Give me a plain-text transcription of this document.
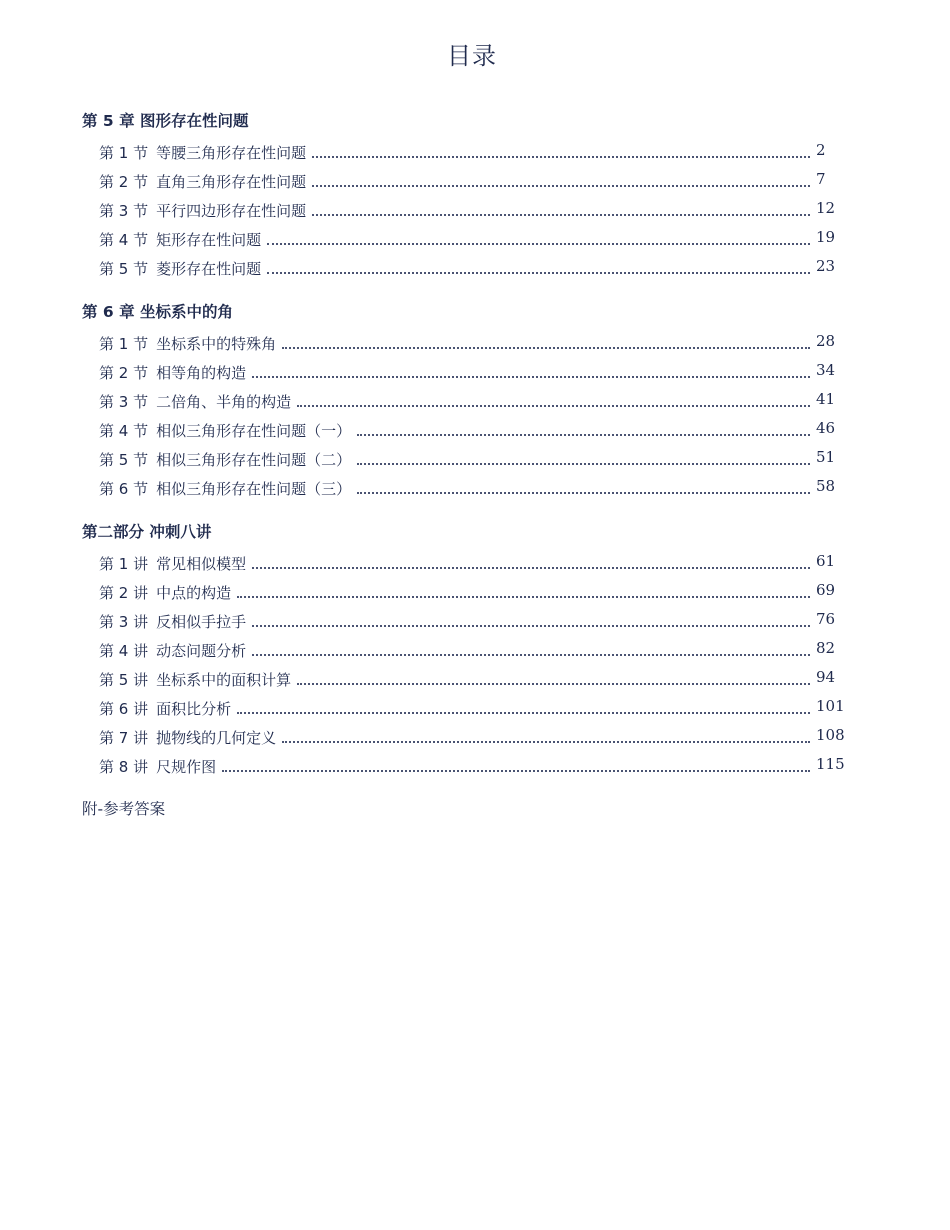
目录
第 5 章 图形存在性问题
第 1 节 等腰三角形存在性问题	2
第 2 节 直角三角形存在性问题	7
第 3 节 平行四边形存在性问题	12
第 4 节 矩形存在性问题	19
第 5 节 菱形存在性问题	23
第 6 章 坐标系中的角
第 1 节 坐标系中的特殊角	28
第 2 节 相等角的构造	34
第 3 节 二倍角、半角的构造	41
第 4 节 相似三角形存在性问题（一）	46
第 5 节 相似三角形存在性问题（二）	51
第 6 节 相似三角形存在性问题（三）	58
第二部分 冲刺八讲
第 1 讲 常见相似模型	61
第 2 讲 中点的构造	69
第 3 讲 反相似手拉手	76
第 4 讲 动态问题分析	82
第 5 讲 坐标系中的面积计算	94
第 6 讲 面积比分析	101
第 7 讲 抛物线的几何定义	108
第 8 讲 尺规作图	115
附-参考答案
